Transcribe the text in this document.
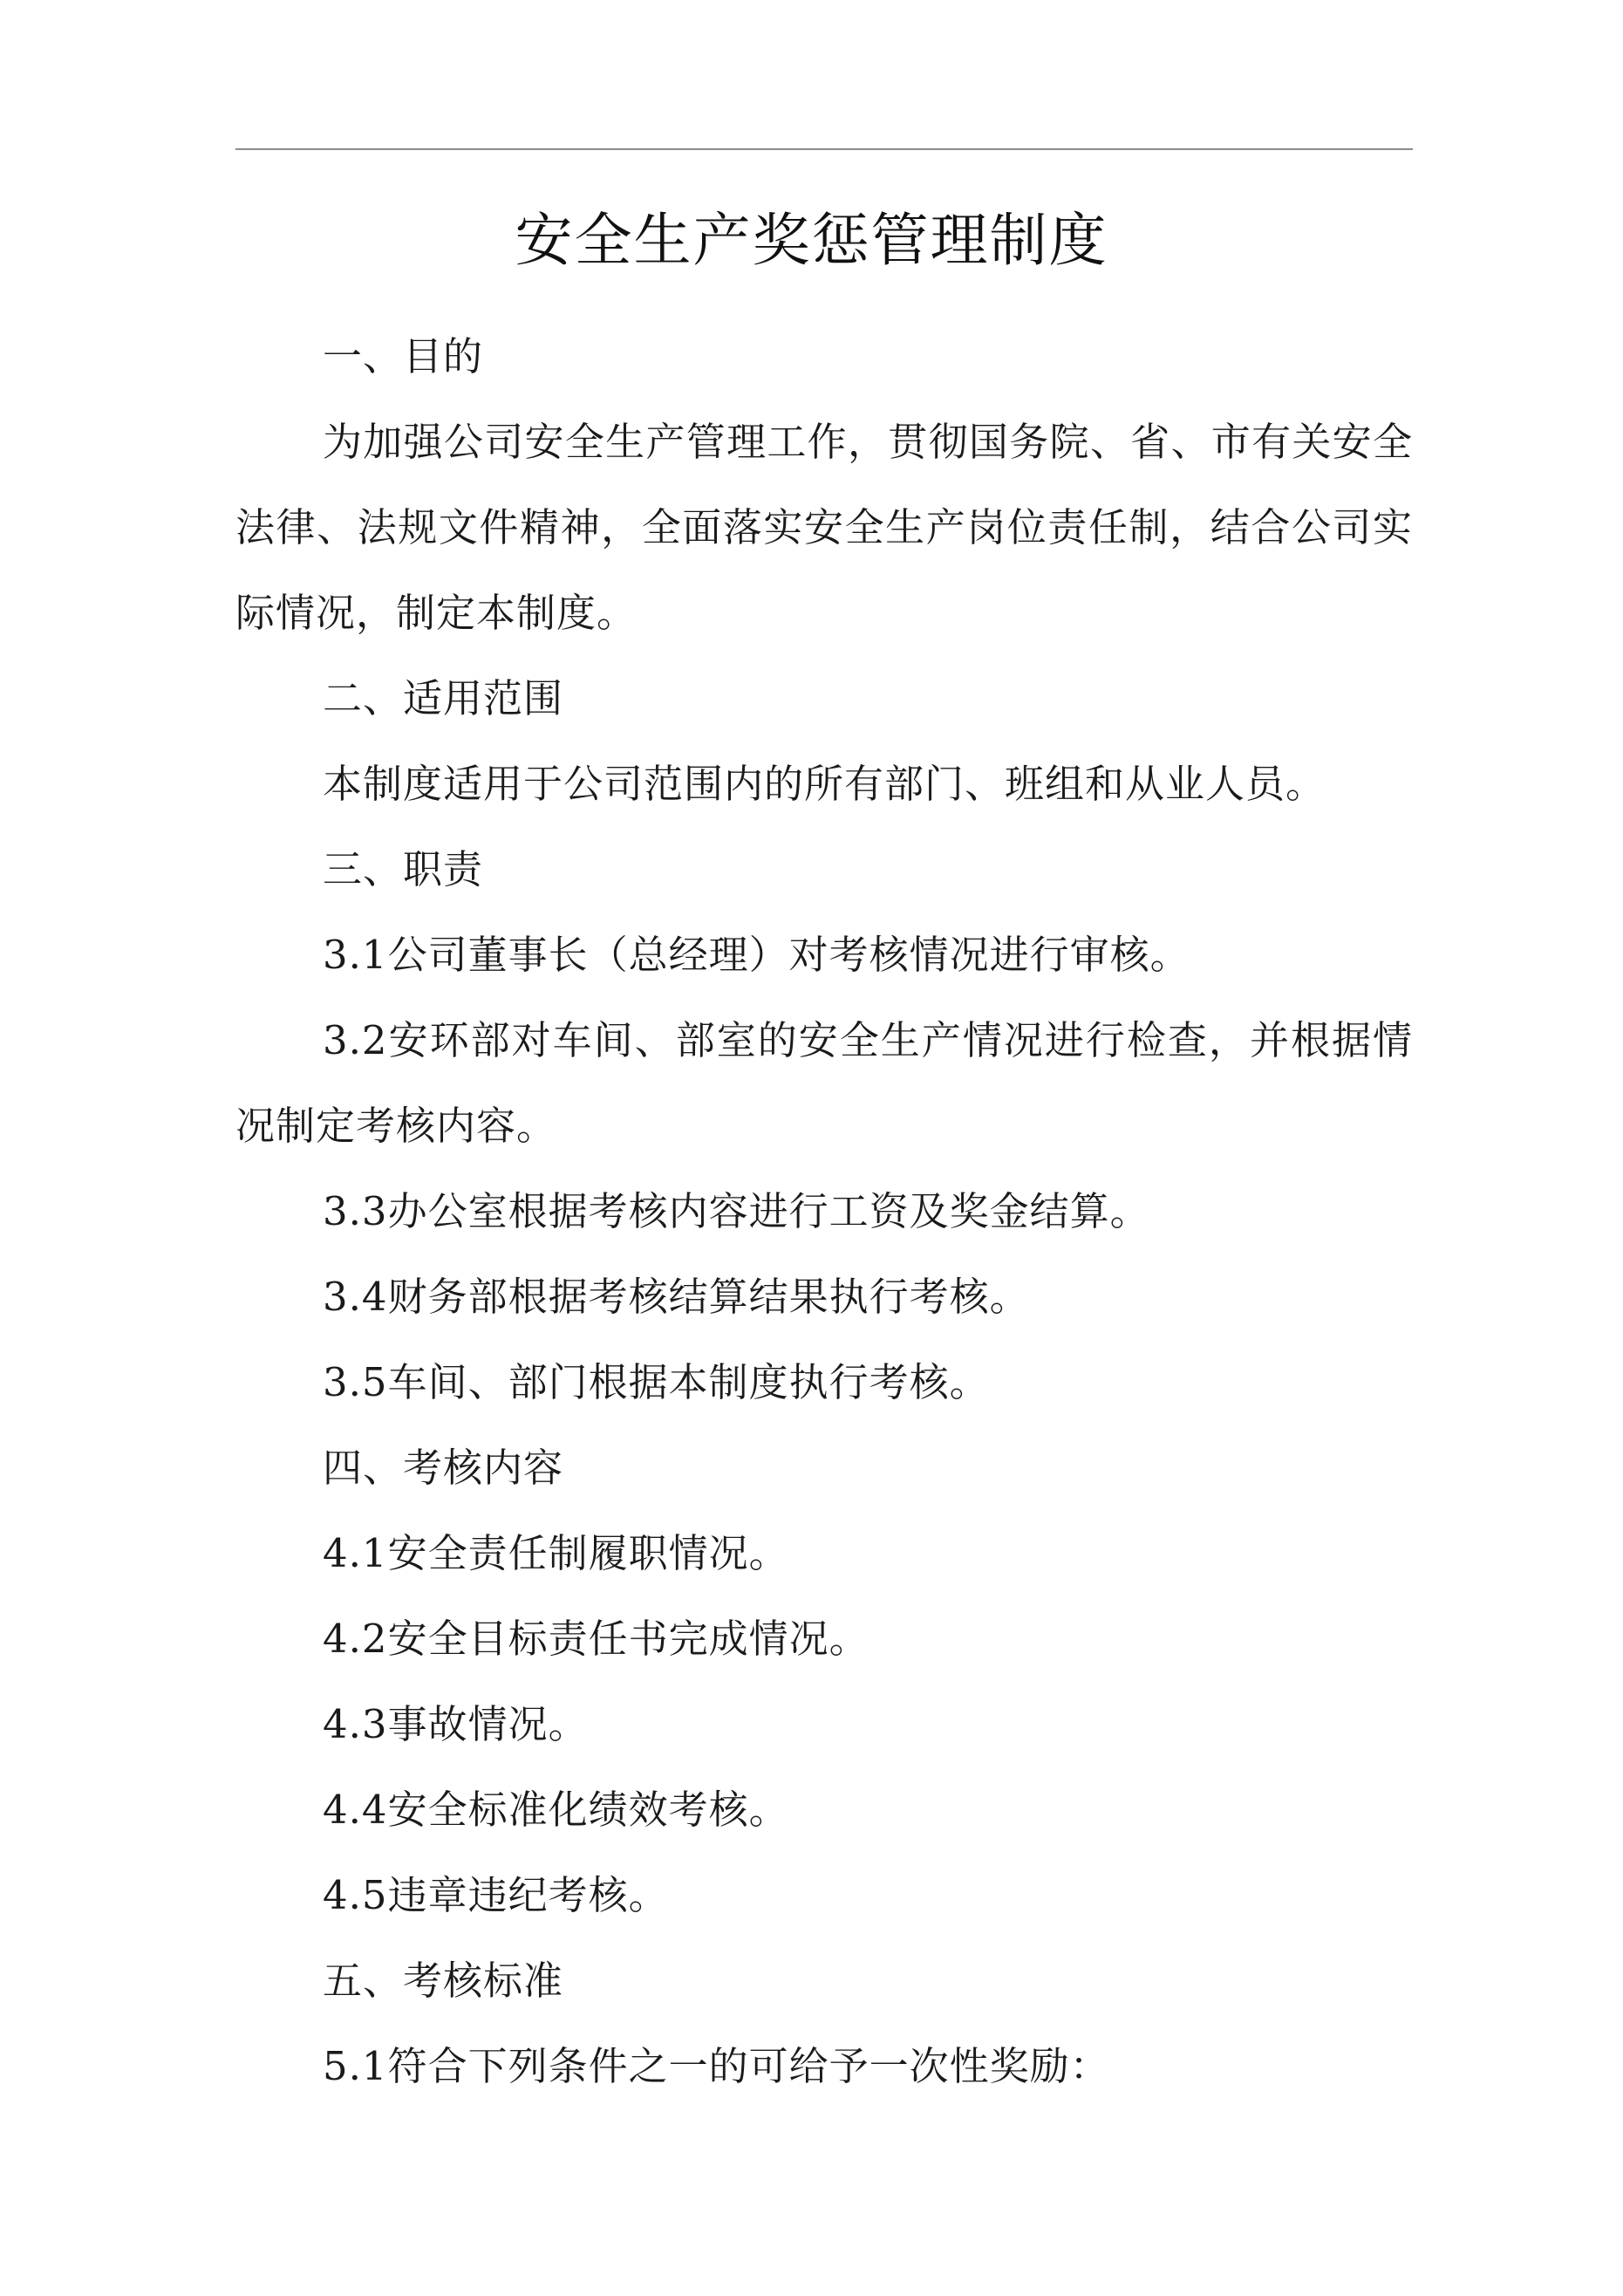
安全生产奖惩管理制度

一、目的

为加强公司安全生产管理工作，贯彻国务院、省、市有关安全法律、法规文件精神，全面落实安全生产岗位责任制，结合公司实际情况，制定本制度。

二、适用范围

本制度适用于公司范围内的所有部门、班组和从业人员。

三、职责

3.1公司董事长（总经理）对考核情况进行审核。

3.2安环部对车间、部室的安全生产情况进行检查，并根据情况制定考核内容。

3.3办公室根据考核内容进行工资及奖金结算。

3.4财务部根据考核结算结果执行考核。

3.5车间、部门根据本制度执行考核。

四、考核内容

4.1安全责任制履职情况。

4.2安全目标责任书完成情况。

4.3事故情况。

4.4安全标准化绩效考核。

4.5违章违纪考核。

五、考核标准

5.1符合下列条件之一的可给予一次性奖励：
